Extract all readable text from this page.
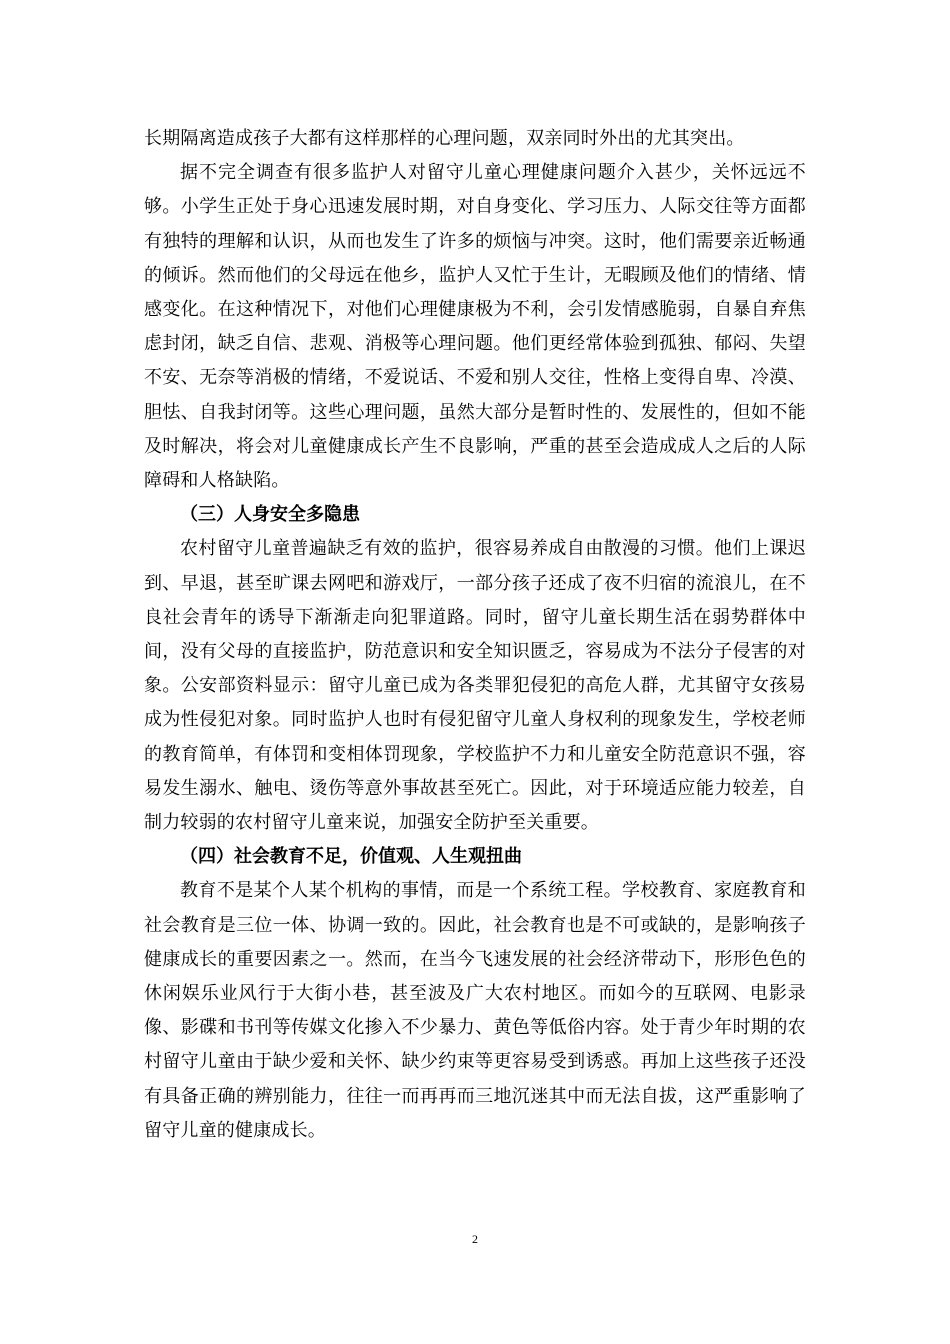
长期隔离造成孩子大都有这样那样的心理问题，双亲同时外出的尤其突出。

据不完全调查有很多监护人对留守儿童心理健康问题介入甚少，关怀远远不够。小学生正处于身心迅速发展时期，对自身变化、学习压力、人际交往等方面都有独特的理解和认识，从而也发生了许多的烦恼与冲突。这时，他们需要亲近畅通的倾诉。然而他们的父母远在他乡，监护人又忙于生计，无暇顾及他们的情绪、情感变化。在这种情况下，对他们心理健康极为不利，会引发情感脆弱，自暴自弃焦虑封闭，缺乏自信、悲观、消极等心理问题。他们更经常体验到孤独、郁闷、失望不安、无奈等消极的情绪，不爱说话、不爱和别人交往，性格上变得自卑、冷漠、胆怯、自我封闭等。这些心理问题，虽然大部分是暂时性的、发展性的，但如不能及时解决，将会对儿童健康成长产生不良影响，严重的甚至会造成成人之后的人际障碍和人格缺陷。

（三）人身安全多隐患

农村留守儿童普遍缺乏有效的监护，很容易养成自由散漫的习惯。他们上课迟到、早退，甚至旷课去网吧和游戏厅，一部分孩子还成了夜不归宿的流浪儿，在不良社会青年的诱导下渐渐走向犯罪道路。同时，留守儿童长期生活在弱势群体中间，没有父母的直接监护，防范意识和安全知识匮乏，容易成为不法分子侵害的对象。公安部资料显示：留守儿童已成为各类罪犯侵犯的高危人群，尤其留守女孩易成为性侵犯对象。同时监护人也时有侵犯留守儿童人身权利的现象发生，学校老师的教育简单，有体罚和变相体罚现象，学校监护不力和儿童安全防范意识不强，容易发生溺水、触电、烫伤等意外事故甚至死亡。因此，对于环境适应能力较差，自制力较弱的农村留守儿童来说，加强安全防护至关重要。

（四）社会教育不足，价值观、人生观扭曲

教育不是某个人某个机构的事情，而是一个系统工程。学校教育、家庭教育和社会教育是三位一体、协调一致的。因此，社会教育也是不可或缺的，是影响孩子健康成长的重要因素之一。然而，在当今飞速发展的社会经济带动下，形形色色的休闲娱乐业风行于大街小巷，甚至波及广大农村地区。而如今的互联网、电影录像、影碟和书刊等传媒文化掺入不少暴力、黄色等低俗内容。处于青少年时期的农村留守儿童由于缺少爱和关怀、缺少约束等更容易受到诱惑。再加上这些孩子还没有具备正确的辨别能力，往往一而再再而三地沉迷其中而无法自拔，这严重影响了留守儿童的健康成长。

2
